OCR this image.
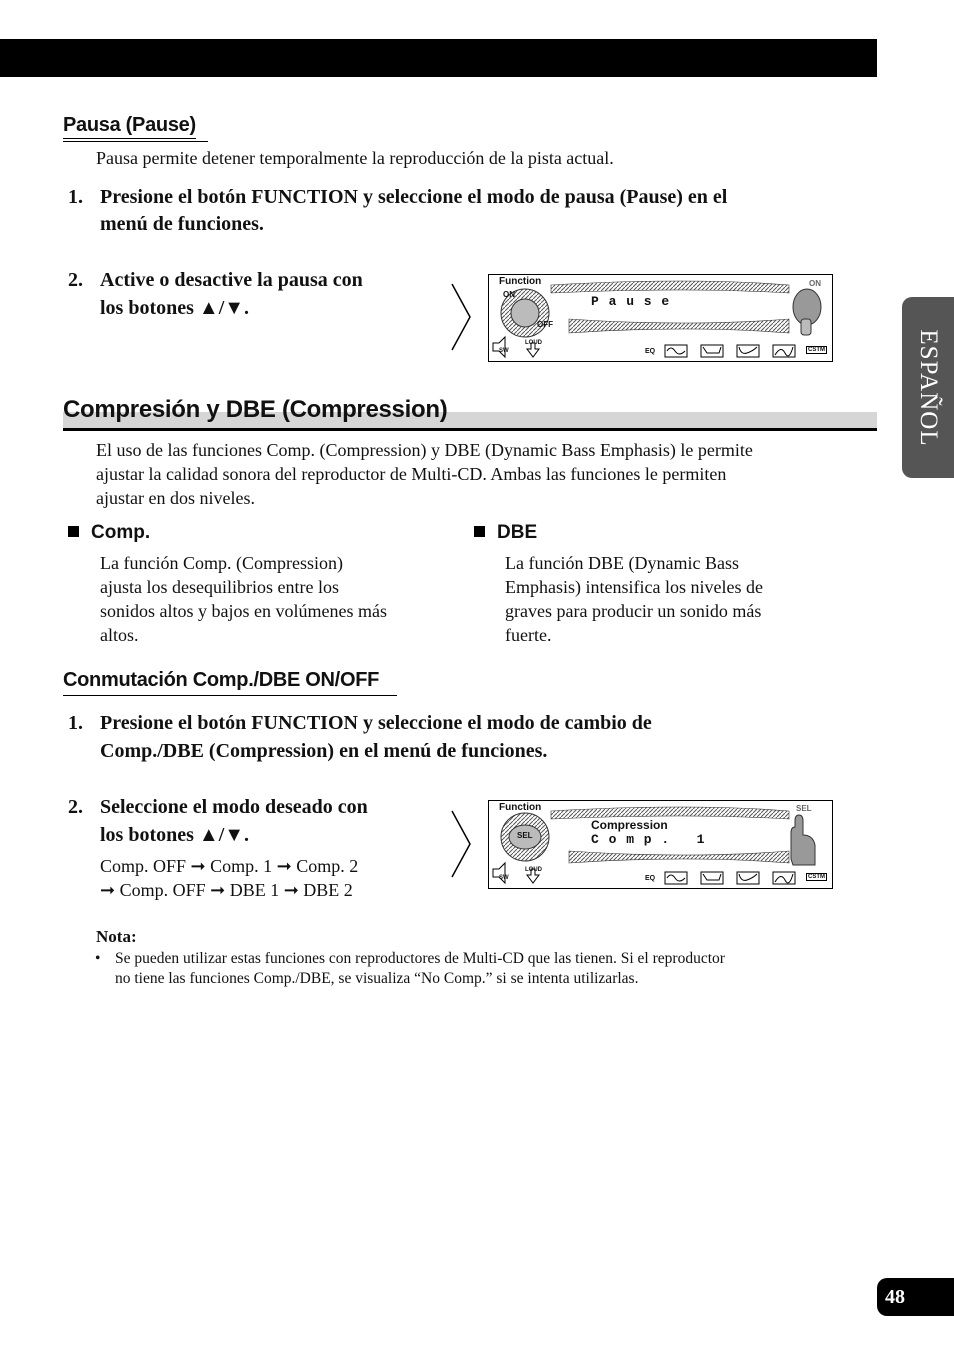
ESPAÑOL
Pausa (Pause)
Pausa permite detener temporalmente la reproducción de la pista actual.
1. Presione el botón FUNCTION y seleccione el modo de pausa (Pause) en el
menú de funciones.
2. Active o desactive la pausa con
los botones ▲/▼.
Function
ON
OFF
P a u s e
ON
SW
LOUD
EQ	CSTM
Compresión y DBE (Compression)
El uso de las funciones Comp. (Compression) y DBE (Dynamic Bass Emphasis) le permite
ajustar la calidad sonora del reproductor de Multi-CD. Ambas las funciones le permiten
ajustar en dos niveles.
Comp.
La función Comp. (Compression)
ajusta los desequilibrios entre los
sonidos altos y bajos en volúmenes más
altos.
DBE
La función DBE (Dynamic Bass
Emphasis) intensifica los niveles de
graves para producir un sonido más
fuerte.
Conmutación Comp./DBE ON/OFF
1. Presione el botón FUNCTION y seleccione el modo de cambio de
Comp./DBE (Compression) en el menú de funciones.
2. Seleccione el modo deseado con
los botones ▲/▼.
Comp. OFF ➞ Comp. 1 ➞ Comp. 2
➞ Comp. OFF ➞ DBE 1 ➞ DBE 2
Function
SEL
Compression
C o m p .   1
SEL
SW
LOUD
EQ	CSTM
Nota:
• Se pueden utilizar estas funciones con reproductores de Multi-CD que las tienen. Si el reproductor
no tiene las funciones Comp./DBE, se visualiza “No Comp.” si se intenta utilizarlas.
48
